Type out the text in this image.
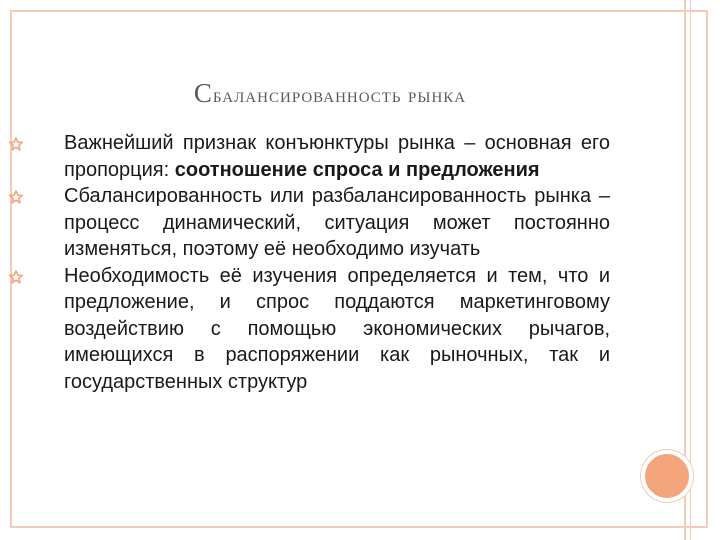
Сбалансированность рынка
Важнейший признак конъюнктуры рынка – основная его пропорция: соотношение спроса и предложения
Сбалансированность или разбалансированность рынка – процесс динамический, ситуация может постоянно изменяться, поэтому её необходимо изучать
Необходимость её изучения определяется и тем, что и предложение, и спрос поддаются маркетинговому воздействию с помощью экономических рычагов, имеющихся в распоряжении как рыночных, так и государственных структур
